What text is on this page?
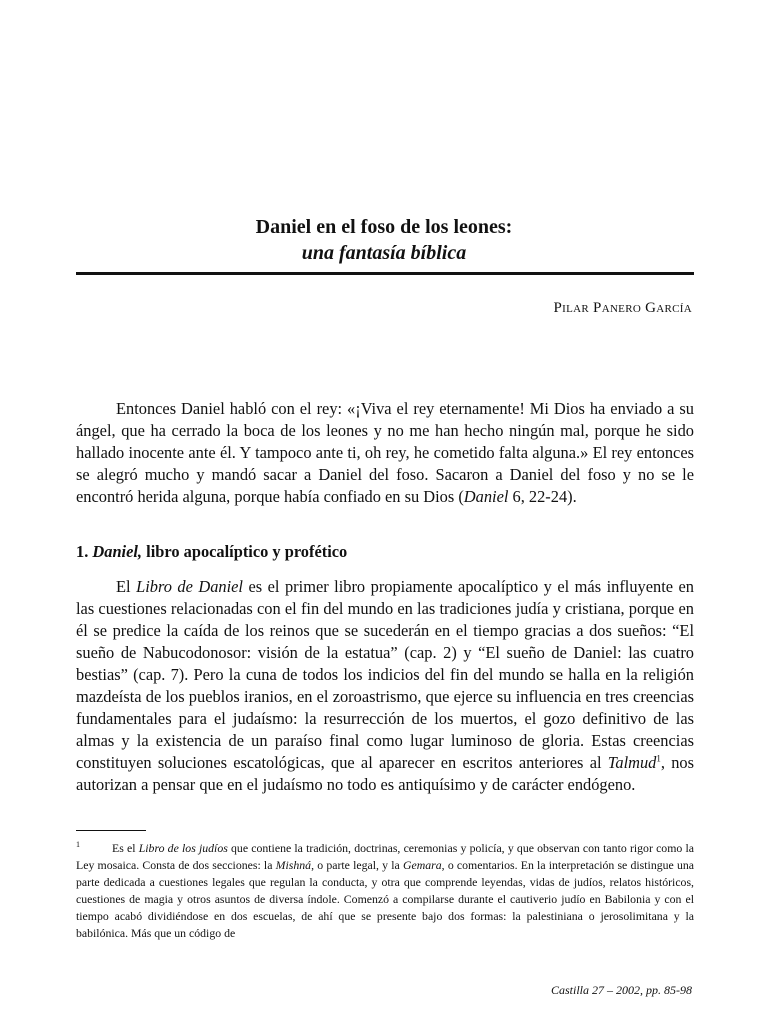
Daniel en el foso de los leones:
una fantasía bíblica
Pilar Panero García

Entonces Daniel habló con el rey: «¡Viva el rey eternamente! Mi Dios ha enviado a su ángel, que ha cerrado la boca de los leones y no me han hecho ningún mal, porque he sido hallado inocente ante él. Y tampoco ante ti, oh rey, he cometido falta alguna.» El rey entonces se alegró mucho y mandó sacar a Daniel del foso. Sacaron a Daniel del foso y no se le encontró herida alguna, porque había confiado en su Dios (Daniel 6, 22-24).

1. Daniel, libro apocalíptico y profético

El Libro de Daniel es el primer libro propiamente apocalíptico y el más influyente en las cuestiones relacionadas con el fin del mundo en las tradiciones judía y cristiana, porque en él se predice la caída de los reinos que se sucederán en el tiempo gracias a dos sueños: “El sueño de Nabucodonosor: visión de la estatua” (cap. 2) y “El sueño de Daniel: las cuatro bestias” (cap. 7). Pero la cuna de todos los indicios del fin del mundo se halla en la religión mazdeísta de los pueblos iranios, en el zoroastrismo, que ejerce su influencia en tres creencias fundamentales para el judaísmo: la resurrección de los muertos, el gozo definitivo de las almas y la existencia de un paraíso final como lugar luminoso de gloria. Estas creencias constituyen soluciones escatológicas, que al aparecer en escritos anteriores al Talmud$^1$, nos autorizan a pensar que en el judaísmo no todo es antiquísimo y de carácter endógeno.

$^1$	Es el Libro de los judíos que contiene la tradición, doctrinas, ceremonias y policía, y que observan con tanto rigor como la Ley mosaica. Consta de dos secciones: la Mishná, o parte legal, y la Gemara, o comentarios. En la interpretación se distingue una parte dedicada a cuestiones legales que regulan la conducta, y otra que comprende leyendas, vidas de judíos, relatos históricos, cuestiones de magia y otros asuntos de diversa índole. Comenzó a compilarse durante el cautiverio judío en Babilonia y con el tiempo acabó dividiéndose en dos escuelas, de ahí que se presente bajo dos formas: la palestiniana o jerosolimitana y la babilónica. Más que un código de
Castilla 27 – 2002, pp. 85-98
